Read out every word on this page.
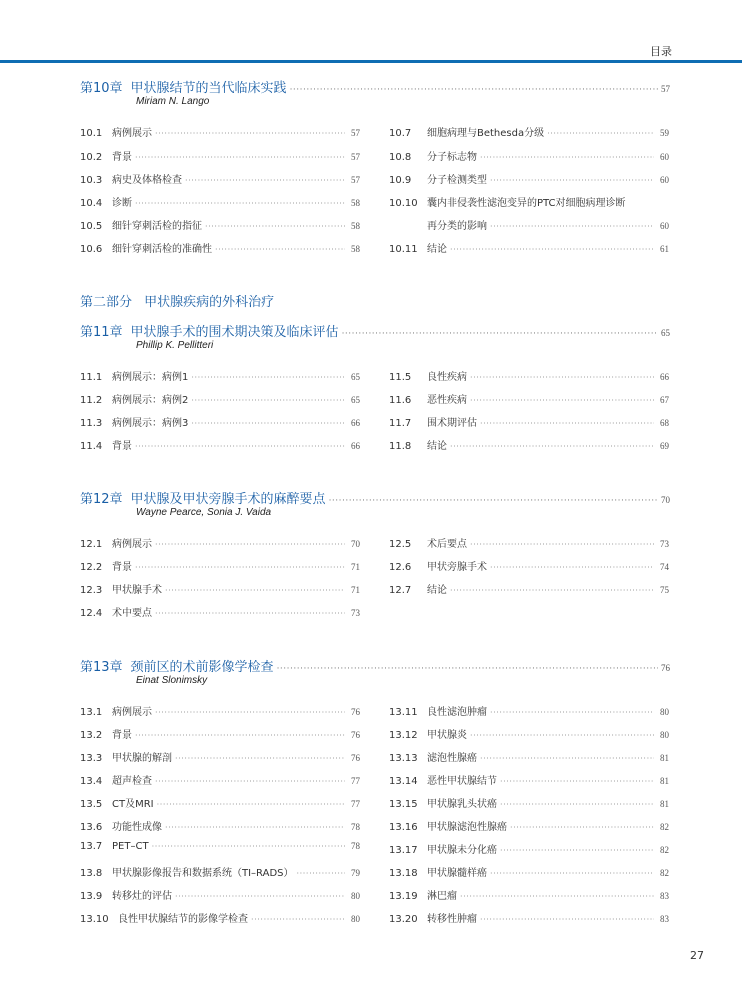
目录
第10章 甲状腺结节的当代临床实践 ·····	57
Miriam N. Lango
10.1 病例展示 ·····	57
10.2 背景 ·····	57
10.3 病史及体格检查 ·····	57
10.4 诊断 ·····	58
10.5 细针穿刺活检的指征 ·····	58
10.6 细针穿刺活检的准确性 ·····	58
10.7	细胞病理与Bethesda分级 ·····	59
10.8	分子标志物 ·····	60
10.9	分子检测类型 ·····	60
10.10 囊内非侵袭性滤泡变异的PTC对细胞病理诊断
再分类的影响 ·····	60
10.11 结论 ·····	61
第二部分 甲状腺疾病的外科治疗
第11章 甲状腺手术的围术期决策及临床评估 ·····	65
Phillip K. Pellitteri
11.1 病例展示：病例1 ·····	65
11.2 病例展示：病例2 ·····	65
11.3 病例展示：病例3 ·····	66
11.4 背景 ·····	66
11.5	良性疾病 ·····	66
11.6	恶性疾病 ·····	67
11.7	围术期评估 ·····	68
11.8	结论 ·····	69
第12章 甲状腺及甲状旁腺手术的麻醉要点 ·····	70
Wayne Pearce, Sonia J. Vaida
12.1 病例展示 ·····	70
12.2 背景 ·····	71
12.3 甲状腺手术 ·····	71
12.4 术中要点 ·····	73
12.5	术后要点 ·····	73
12.6	甲状旁腺手术 ·····	74
12.7	结论 ·····	75
第13章 颈前区的术前影像学检查 ·····	76
Einat Slonimsky
13.1 病例展示 ·····	76
13.2 背景 ·····	76
13.3 甲状腺的解剖 ·····	76
13.4 超声检查 ·····	77
13.5 CT及MRI ·····	77
13.6 功能性成像 ·····	78
13.7 PET–CT ·····	78
13.8 甲状腺影像报告和数据系统（TI–RADS） ·····	79
13.9 转移灶的评估 ·····	80
13.10 良性甲状腺结节的影像学检查 ·····	80
13.11 良性滤泡肿瘤 ·····	80
13.12 甲状腺炎 ·····	80
13.13 滤泡性腺癌 ·····	81
13.14 恶性甲状腺结节 ·····	81
13.15 甲状腺乳头状癌 ·····	81
13.16 甲状腺滤泡性腺癌 ·····	82
13.17 甲状腺未分化癌 ·····	82
13.18 甲状腺髓样癌 ·····	82
13.19 淋巴瘤 ·····	83
13.20 转移性肿瘤 ·····	83
27
